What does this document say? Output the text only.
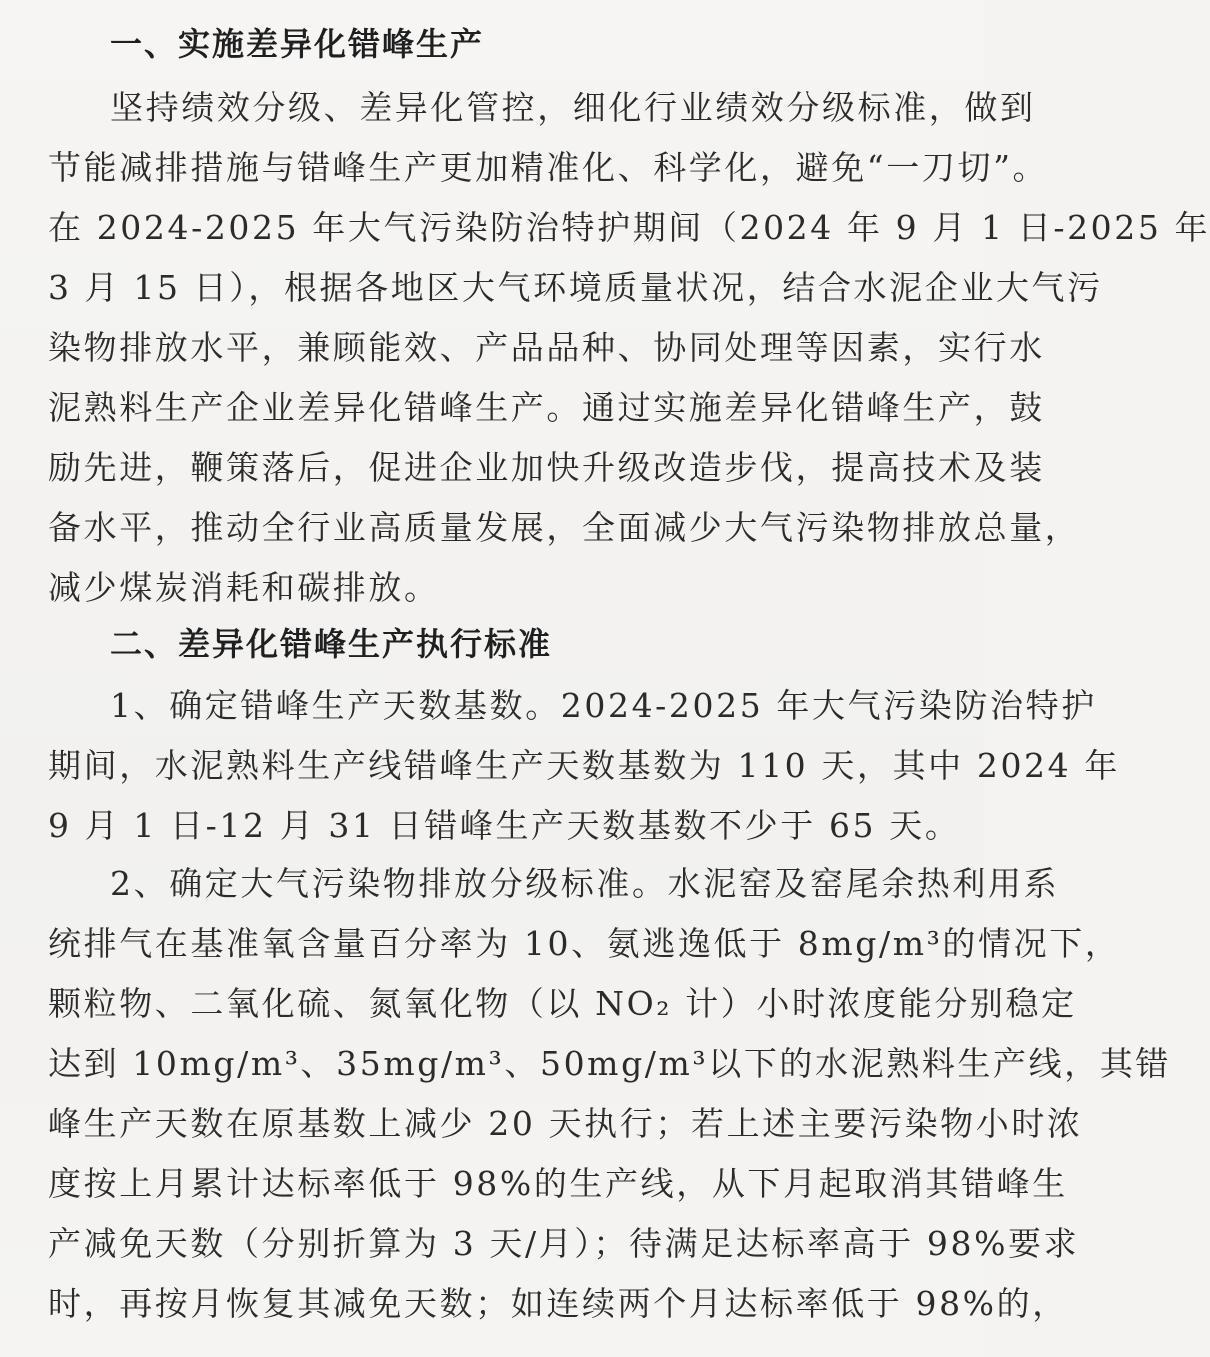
一、实施差异化错峰生产
坚持绩效分级、差异化管控，细化行业绩效分级标准，做到
节能减排措施与错峰生产更加精准化、科学化，避免“一刀切”。
在 2024-2025 年大气污染防治特护期间（2024 年 9 月 1 日-2025 年
3 月 15 日），根据各地区大气环境质量状况，结合水泥企业大气污
染物排放水平，兼顾能效、产品品种、协同处理等因素，实行水
泥熟料生产企业差异化错峰生产。通过实施差异化错峰生产，鼓
励先进，鞭策落后，促进企业加快升级改造步伐，提高技术及装
备水平，推动全行业高质量发展，全面减少大气污染物排放总量，
减少煤炭消耗和碳排放。
二、差异化错峰生产执行标准
1、确定错峰生产天数基数。2024-2025 年大气污染防治特护
期间，水泥熟料生产线错峰生产天数基数为 110 天，其中 2024 年
9 月 1 日-12 月 31 日错峰生产天数基数不少于 65 天。
2、确定大气污染物排放分级标准。水泥窑及窑尾余热利用系
统排气在基准氧含量百分率为 10、氨逃逸低于 8mg/m³的情况下，
颗粒物、二氧化硫、氮氧化物（以 NO₂ 计）小时浓度能分别稳定
达到 10mg/m³、35mg/m³、50mg/m³以下的水泥熟料生产线，其错
峰生产天数在原基数上减少 20 天执行；若上述主要污染物小时浓
度按上月累计达标率低于 98%的生产线，从下月起取消其错峰生
产减免天数（分别折算为 3 天/月）；待满足达标率高于 98%要求
时，再按月恢复其减免天数；如连续两个月达标率低于 98%的，
